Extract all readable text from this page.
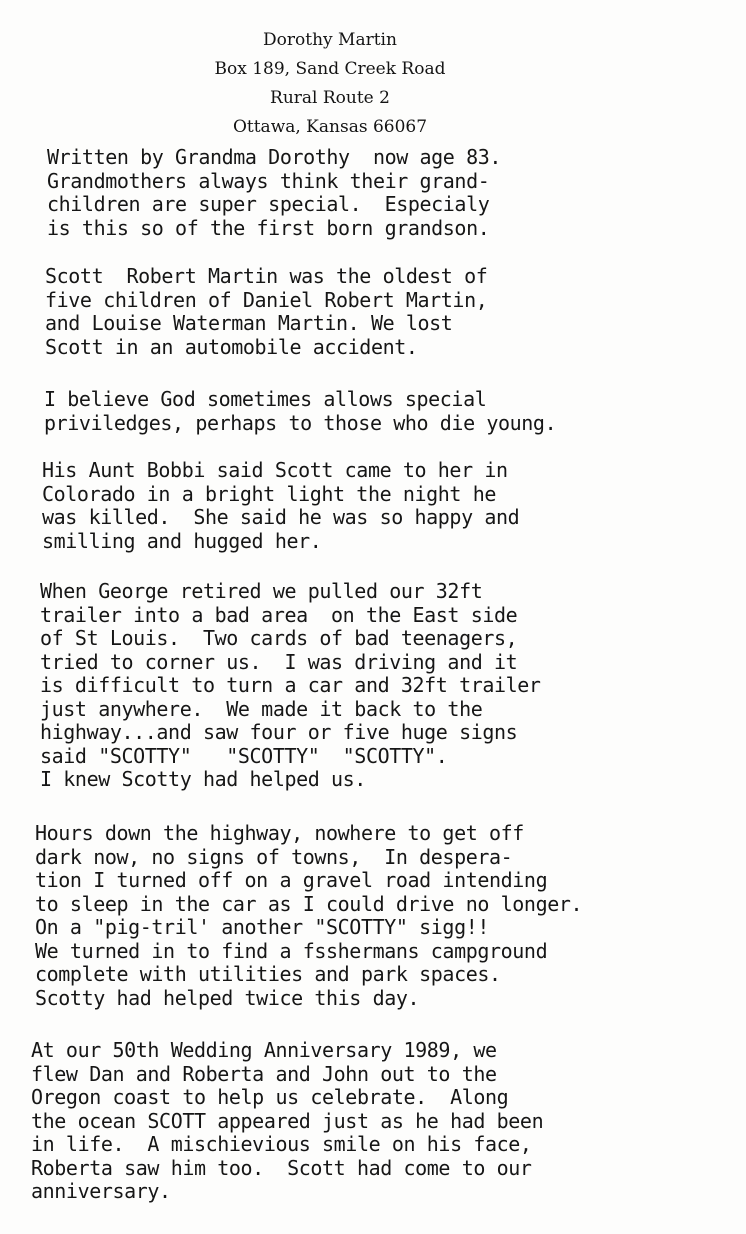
Dorothy Martin
Box 189, Sand Creek Road
Rural Route 2
Ottawa, Kansas 66067

Written by Grandma Dorothy  now age 83.
Grandmothers always think their grand-
children are super special.  Especialy
is this so of the first born grandson.

Scott  Robert Martin was the oldest of
five children of Daniel Robert Martin,
and Louise Waterman Martin. We lost
Scott in an automobile accident.

I believe God sometimes allows special
priviledges, perhaps to those who die young.

His Aunt Bobbi said Scott came to her in
Colorado in a bright light the night he
was killed.  She said he was so happy and
smilling and hugged her.

When George retired we pulled our 32ft
trailer into a bad area  on the East side
of St Louis.  Two cards of bad teenagers,
tried to corner us.  I was driving and it
is difficult to turn a car and 32ft trailer
just anywhere.  We made it back to the
highway...and saw four or five huge signs
said "SCOTTY"   "SCOTTY"  "SCOTTY".
I knew Scotty had helped us.

Hours down the highway, nowhere to get off
dark now, no signs of towns,  In despera-
tion I turned off on a gravel road intending
to sleep in the car as I could drive no longer.
On a "pig-tril' another "SCOTTY" sigg!!
We turned in to find a fsshermans campground
complete with utilities and park spaces.
Scotty had helped twice this day.

At our 50th Wedding Anniversary 1989, we
flew Dan and Roberta and John out to the
Oregon coast to help us celebrate.  Along
the ocean SCOTT appeared just as he had been
in life.  A mischievious smile on his face,
Roberta saw him too.  Scott had come to our
anniversary.
